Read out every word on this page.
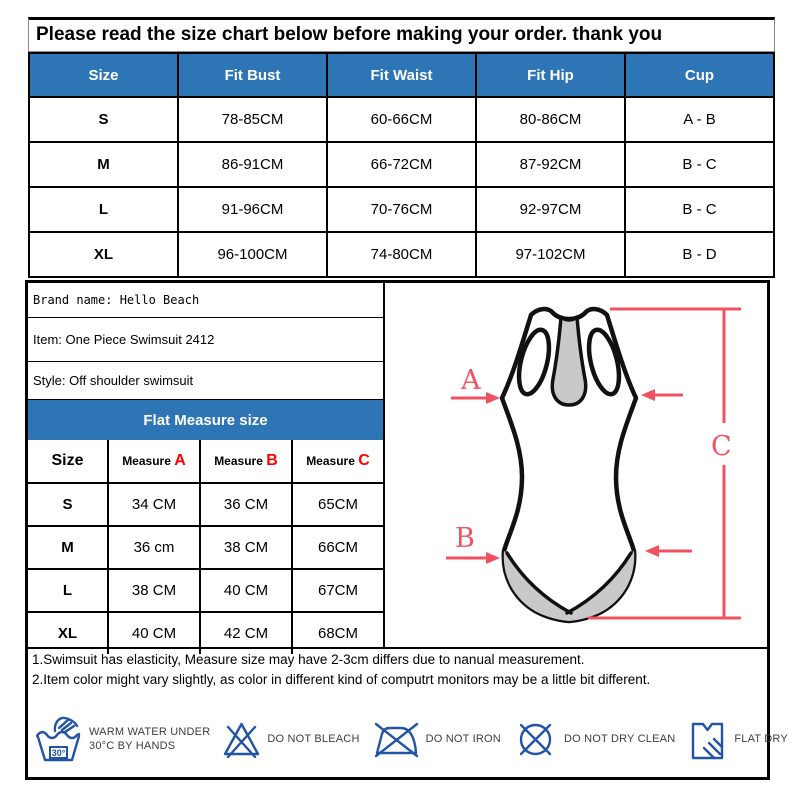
Please read the size chart below before making your order. thank you
Size	Fit Bust	Fit Waist	Fit Hip	Cup
S	78-85CM	60-66CM	80-86CM	A - B
M	86-91CM	66-72CM	87-92CM	B - C
L	91-96CM	70-76CM	92-97CM	B - C
XL	96-100CM	74-80CM	97-102CM	B - D
Brand name: Hello Beach
Item: One Piece Swimsuit 2412
Style: Off shoulder swimsuit
Flat Measure size
Size	Measure A	Measure B	Measure C
S	34 CM	36 CM	65CM
M	36 cm	38 CM	66CM
L	38 CM	40 CM	67CM
XL	40 CM	42 CM	68CM
A
B
C
1.Swimsuit has elasticity, Measure size may have 2-3cm differs due to nanual measurement.
2.Item color might vary slightly, as color in different kind of computrt monitors may be a little bit different.
30°
WARM WATER UNDER
30°C BY HANDS
DO NOT BLEACH	DO NOT IRON	DO NOT DRY CLEAN	FLAT DRY
